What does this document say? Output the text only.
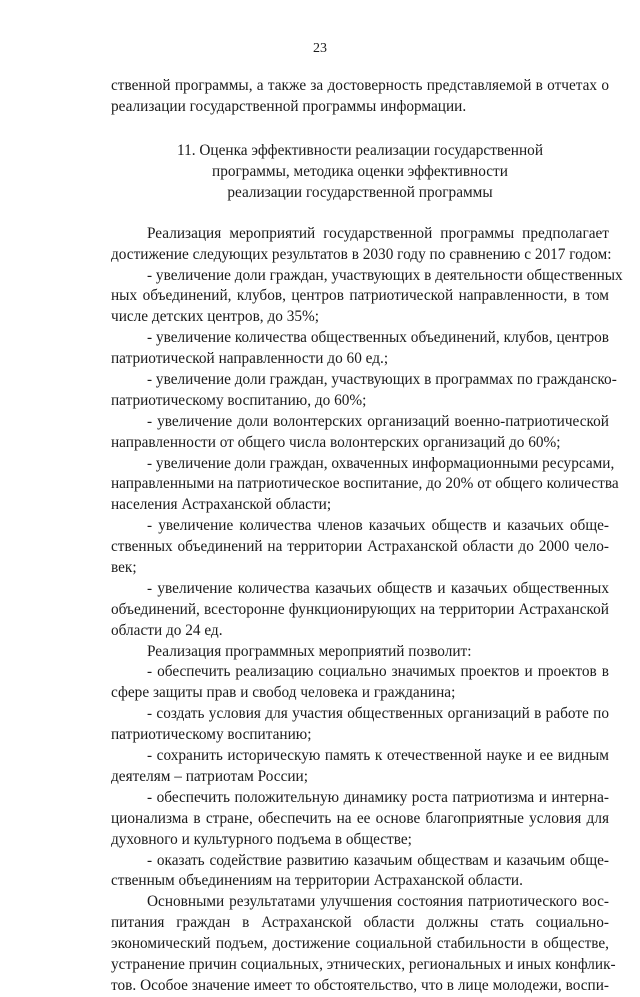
23
ственной программы, а также за достоверность представляемой в отчетах о
реализации государственной программы информации.
11. Оценка эффективности реализации государственной
программы, методика оценки эффективности
реализации государственной программы
Реализация мероприятий государственной программы предполагает
достижение следующих результатов в 2030 году по сравнению с 2017 годом:
- увеличение доли граждан, участвующих в деятельности общественных
ных объединений, клубов, центров патриотической направленности, в том
числе детских центров, до 35%;
- увеличение количества общественных объединений, клубов, центров
патриотической направленности до 60 ед.;
- увеличение доли граждан, участвующих в программах по гражданско-
патриотическому воспитанию, до 60%;
- увеличение доли волонтерских организаций военно-патриотической
направленности от общего числа волонтерских организаций до 60%;
- увеличение доли граждан, охваченных информационными ресурсами,
направленными на патриотическое воспитание, до 20% от общего количества
населения Астраханской области;
- увеличение количества членов казачьих обществ и казачьих обще-
ственных объединений на территории Астраханской области до 2000 чело-
век;
- увеличение количества казачьих обществ и казачьих общественных
объединений, всесторонне функционирующих на территории Астраханской
области до 24 ед.
Реализация программных мероприятий позволит:
- обеспечить реализацию социально значимых проектов и проектов в
сфере защиты прав и свобод человека и гражданина;
- создать условия для участия общественных организаций в работе по
патриотическому воспитанию;
- сохранить историческую память к отечественной науке и ее видным
деятелям – патриотам России;
- обеспечить положительную динамику роста патриотизма и интерна-
ционализма в стране, обеспечить на ее основе благоприятные условия для
духовного и культурного подъема в обществе;
- оказать содействие развитию казачьим обществам и казачьим обще-
ственным объединениям на территории Астраханской области.
Основными результатами улучшения состояния патриотического вос-
питания граждан в Астраханской области должны стать социально-
экономический подъем, достижение социальной стабильности в обществе,
устранение причин социальных, этнических, региональных и иных конфлик-
тов. Особое значение имеет то обстоятельство, что в лице молодежи, воспи-
